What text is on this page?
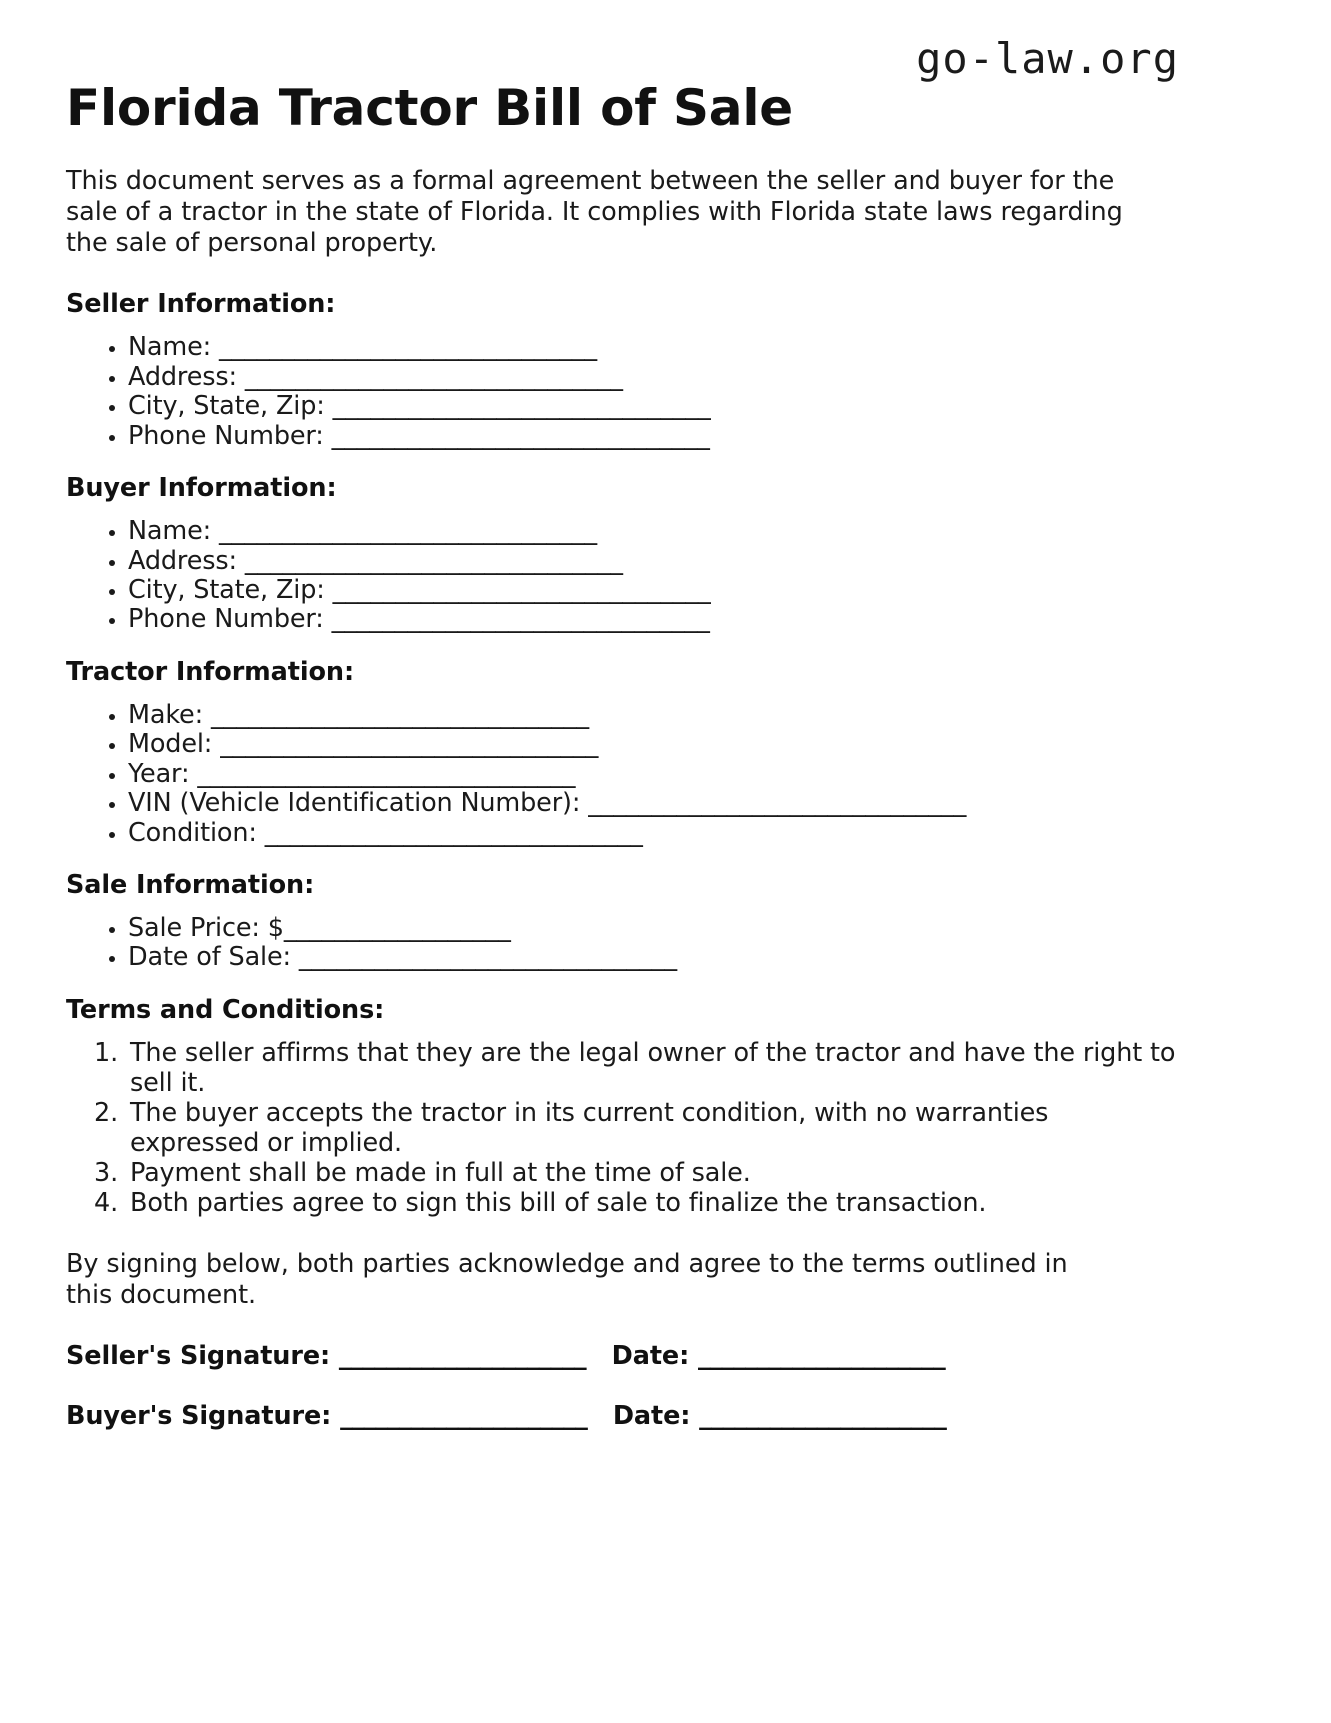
go-law.org
Florida Tractor Bill of Sale

This document serves as a formal agreement between the seller and buyer for the sale of a tractor in the state of Florida. It complies with Florida state laws regarding the sale of personal property.

Seller Information:
• Name: ______________________________
• Address: ______________________________
• City, State, Zip: ______________________________
• Phone Number: ______________________________
Buyer Information:
• Name: ______________________________
• Address: ______________________________
• City, State, Zip: ______________________________
• Phone Number: ______________________________
Tractor Information:
• Make: ______________________________
• Model: ______________________________
• Year: ______________________________
• VIN (Vehicle Identification Number): ______________________________
• Condition: ______________________________
Sale Information:
• Sale Price: $__________________
• Date of Sale: ______________________________
Terms and Conditions:
1. The seller affirms that they are the legal owner of the tractor and have the right to sell it.
2. The buyer accepts the tractor in its current condition, with no warranties expressed or implied.
3. Payment shall be made in full at the time of sale.
4. Both parties agree to sign this bill of sale to finalize the transaction.

By signing below, both parties acknowledge and agree to the terms outlined in this document.

Seller's Signature: _____________________ Date: _____________________
Buyer's Signature: _____________________ Date: _____________________
